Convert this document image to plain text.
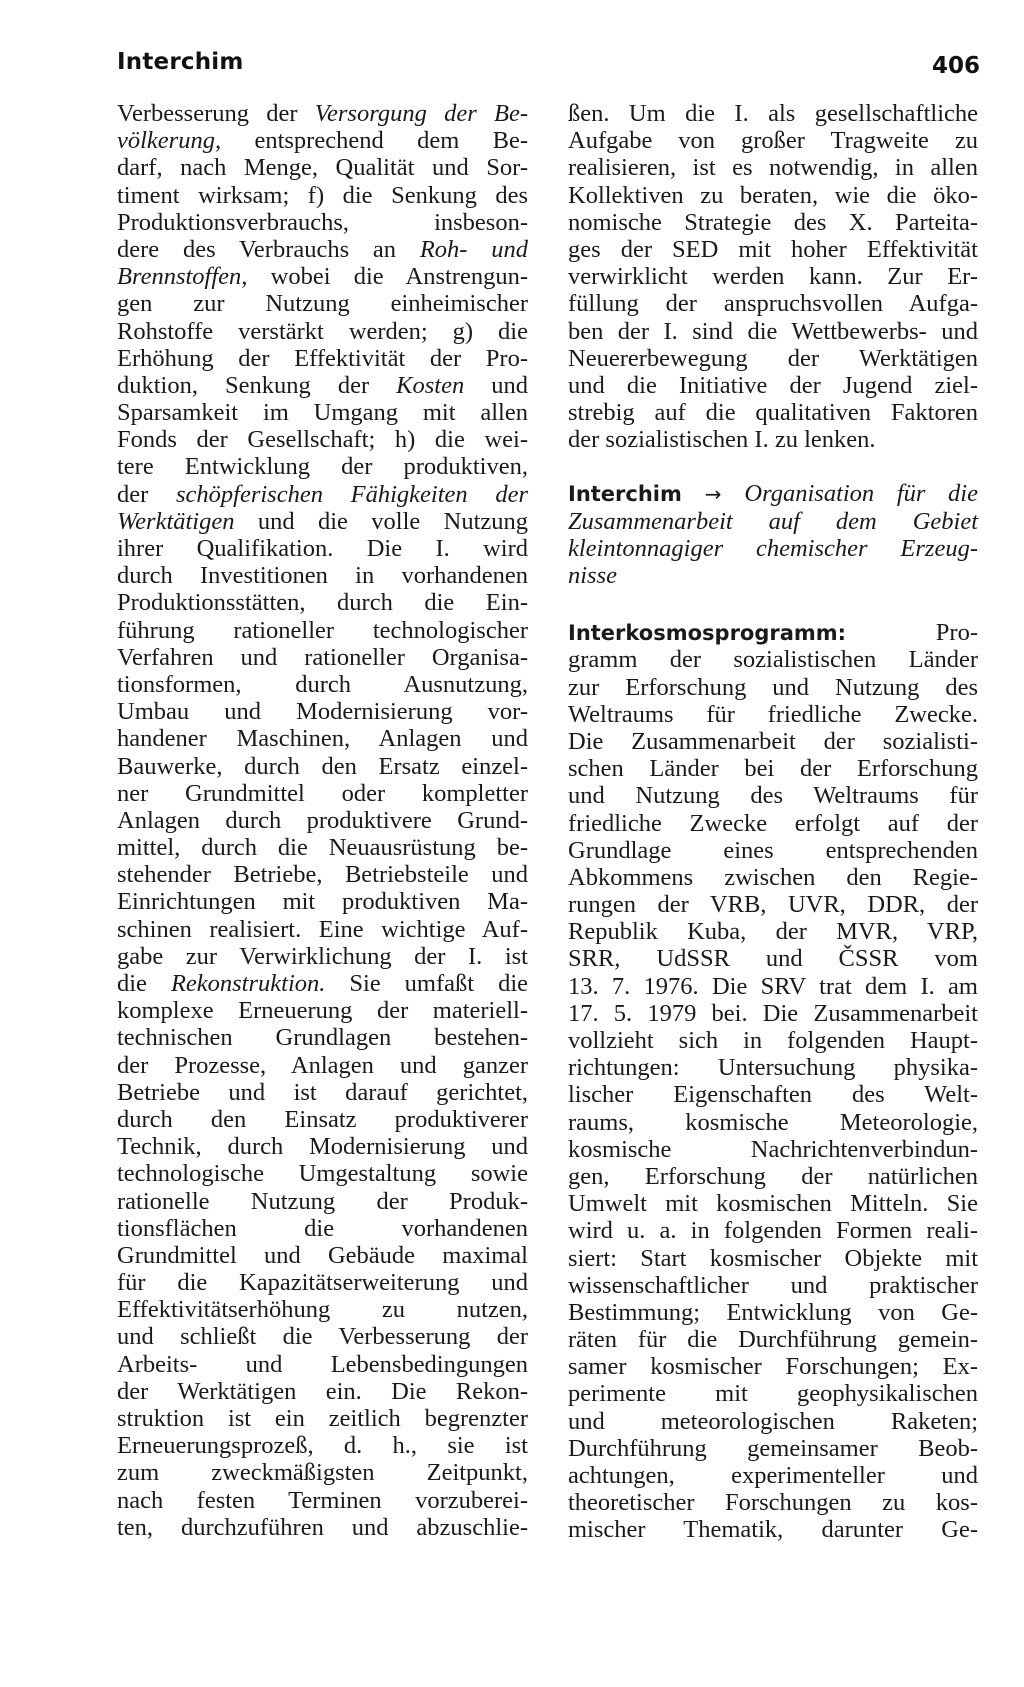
Interchim	406
Verbesserung der Versorgung der Be-
völkerung, entsprechend dem Be-
darf, nach Menge, Qualität und Sor-
timent wirksam; f) die Senkung des
Produktionsverbrauchs, insbeson-
dere des Verbrauchs an Roh- und
Brennstoffen, wobei die Anstrengun-
gen zur Nutzung einheimischer
Rohstoffe verstärkt werden; g) die
Erhöhung der Effektivität der Pro-
duktion, Senkung der Kosten und
Sparsamkeit im Umgang mit allen
Fonds der Gesellschaft; h) die wei-
tere Entwicklung der produktiven,
der schöpferischen Fähigkeiten der
Werktätigen und die volle Nutzung
ihrer Qualifikation. Die I. wird
durch Investitionen in vorhandenen
Produktionsstätten, durch die Ein-
führung rationeller technologischer
Verfahren und rationeller Organisa-
tionsformen, durch Ausnutzung,
Umbau und Modernisierung vor-
handener Maschinen, Anlagen und
Bauwerke, durch den Ersatz einzel-
ner Grundmittel oder kompletter
Anlagen durch produktivere Grund-
mittel, durch die Neuausrüstung be-
stehender Betriebe, Betriebsteile und
Einrichtungen mit produktiven Ma-
schinen realisiert. Eine wichtige Auf-
gabe zur Verwirklichung der I. ist
die Rekonstruktion. Sie umfaßt die
komplexe Erneuerung der materiell-
technischen Grundlagen bestehen-
der Prozesse, Anlagen und ganzer
Betriebe und ist darauf gerichtet,
durch den Einsatz produktiverer
Technik, durch Modernisierung und
technologische Umgestaltung sowie
rationelle Nutzung der Produk-
tionsflächen die vorhandenen
Grundmittel und Gebäude maximal
für die Kapazitätserweiterung und
Effektivitätserhöhung zu nutzen,
und schließt die Verbesserung der
Arbeits- und Lebensbedingungen
der Werktätigen ein. Die Rekon-
struktion ist ein zeitlich begrenzter
Erneuerungsprozeß, d. h., sie ist
zum zweckmäßigsten Zeitpunkt,
nach festen Terminen vorzuberei-
ten, durchzuführen und abzuschlie-
ßen. Um die I. als gesellschaftliche
Aufgabe von großer Tragweite zu
realisieren, ist es notwendig, in allen
Kollektiven zu beraten, wie die öko-
nomische Strategie des X. Parteita-
ges der SED mit hoher Effektivität
verwirklicht werden kann. Zur Er-
füllung der anspruchsvollen Aufga-
ben der I. sind die Wettbewerbs- und
Neuererbewegung der Werktätigen
und die Initiative der Jugend ziel-
strebig auf die qualitativen Faktoren
der sozialistischen I. zu lenken.
Interchim → Organisation für die
Zusammenarbeit auf dem Gebiet
kleintonnagiger chemischer Erzeug-
nisse
Interkosmosprogramm: Pro-
gramm der sozialistischen Länder
zur Erforschung und Nutzung des
Weltraums für friedliche Zwecke.
Die Zusammenarbeit der sozialisti-
schen Länder bei der Erforschung
und Nutzung des Weltraums für
friedliche Zwecke erfolgt auf der
Grundlage eines entsprechenden
Abkommens zwischen den Regie-
rungen der VRB, UVR, DDR, der
Republik Kuba, der MVR, VRP,
SRR, UdSSR und ČSSR vom
13. 7. 1976. Die SRV trat dem I. am
17. 5. 1979 bei. Die Zusammenarbeit
vollzieht sich in folgenden Haupt-
richtungen: Untersuchung physika-
lischer Eigenschaften des Welt-
raums, kosmische Meteorologie,
kosmische Nachrichtenverbindun-
gen, Erforschung der natürlichen
Umwelt mit kosmischen Mitteln. Sie
wird u. a. in folgenden Formen reali-
siert: Start kosmischer Objekte mit
wissenschaftlicher und praktischer
Bestimmung; Entwicklung von Ge-
räten für die Durchführung gemein-
samer kosmischer Forschungen; Ex-
perimente mit geophysikalischen
und meteorologischen Raketen;
Durchführung gemeinsamer Beob-
achtungen, experimenteller und
theoretischer Forschungen zu kos-
mischer Thematik, darunter Ge-
